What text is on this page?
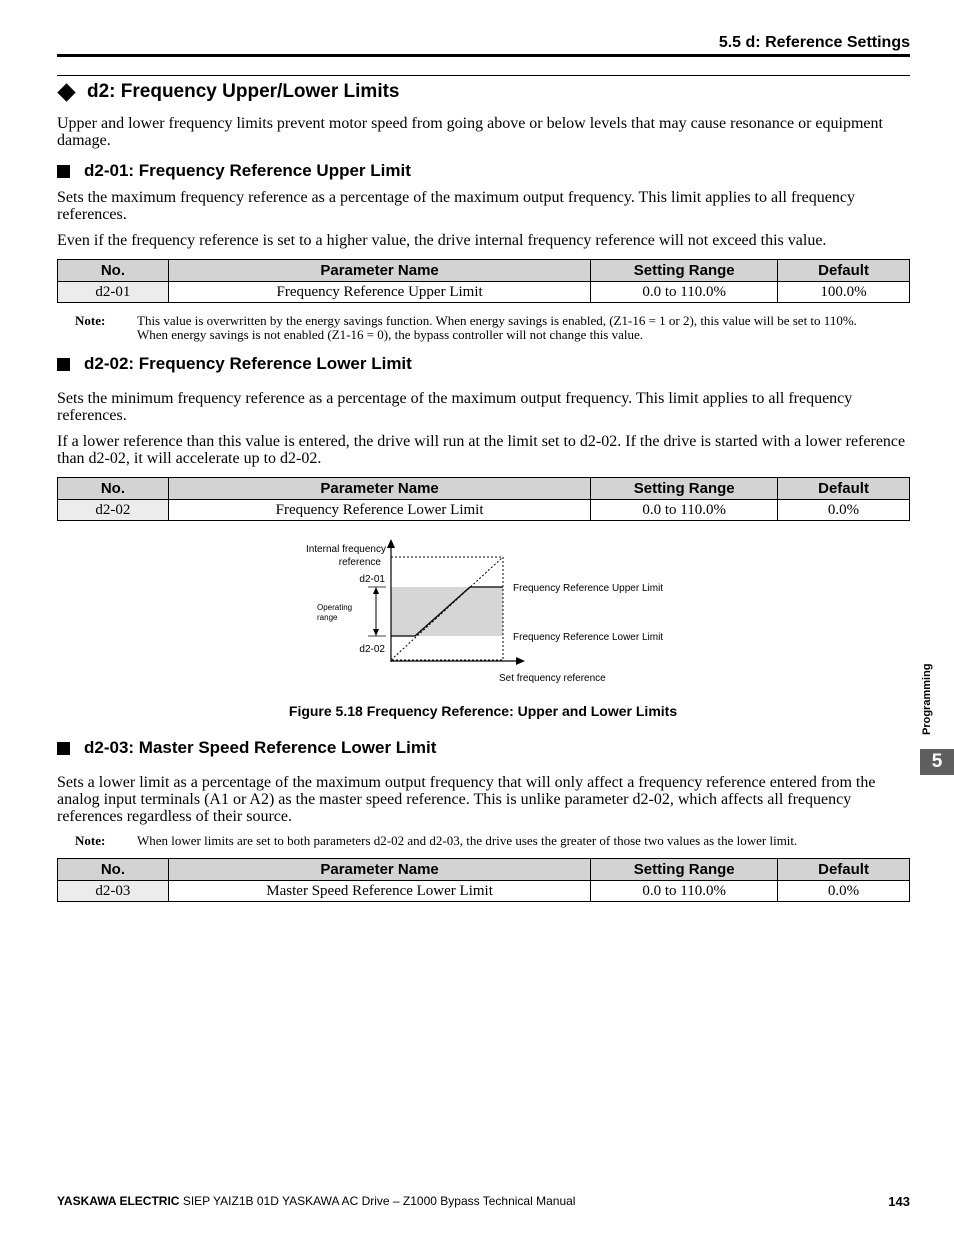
5.5 d: Reference Settings
d2: Frequency Upper/Lower Limits
Upper and lower frequency limits prevent motor speed from going above or below levels that may cause resonance or equipment damage.
d2-01: Frequency Reference Upper Limit
Sets the maximum frequency reference as a percentage of the maximum output frequency. This limit applies to all frequency references.
Even if the frequency reference is set to a higher value, the drive internal frequency reference will not exceed this value.
No.	Parameter Name	Setting Range	Default
d2-01	Frequency Reference Upper Limit	0.0 to 110.0%	100.0%
Note:	This value is overwritten by the energy savings function. When energy savings is enabled, (Z1-16 = 1 or 2), this value will be set to 110%.
When energy savings is not enabled (Z1-16 = 0), the bypass controller will not change this value.
d2-02: Frequency Reference Lower Limit
Sets the minimum frequency reference as a percentage of the maximum output frequency. This limit applies to all frequency references.
If a lower reference than this value is entered, the drive will run at the limit set to d2-02. If the drive is started with a lower reference than d2-02, it will accelerate up to d2-02.
No.	Parameter Name	Setting Range	Default
d2-02	Frequency Reference Lower Limit	0.0 to 110.0%	0.0%
Internal frequency
reference
d2-01
d2-02
Operating
range
Frequency Reference Upper Limit
Frequency Reference Lower Limit
Set frequency reference
Figure 5.18 Frequency Reference: Upper and Lower Limits
d2-03: Master Speed Reference Lower Limit
Sets a lower limit as a percentage of the maximum output frequency that will only affect a frequency reference entered from the analog input terminals (A1 or A2) as the master speed reference. This is unlike parameter d2-02, which affects all frequency references regardless of their source.
Note:	When lower limits are set to both parameters d2-02 and d2-03, the drive uses the greater of those two values as the lower limit.
No.	Parameter Name	Setting Range	Default
d2-03	Master Speed Reference Lower Limit	0.0 to 110.0%	0.0%
Programming
5
YASKAWA ELECTRIC SIEP YAIZ1B 01D YASKAWA AC Drive – Z1000 Bypass Technical Manual	143
